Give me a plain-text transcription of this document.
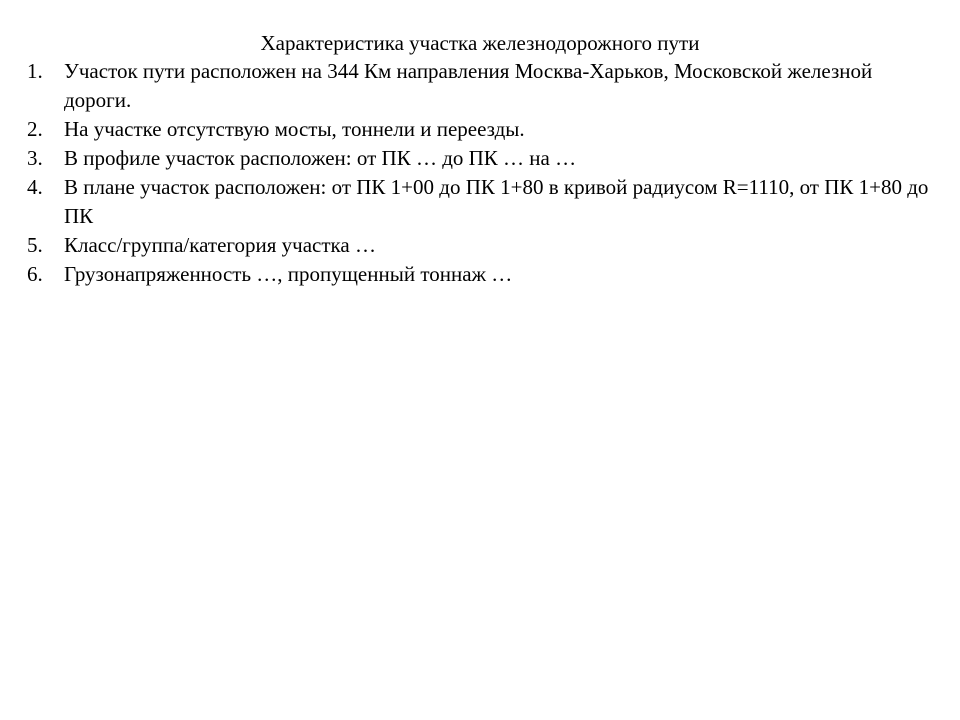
Характеристика участка железнодорожного пути
1. Участок пути расположен на 344 Км направления Москва-Харьков, Московской железной дороги.
2. На участке отсутствую мосты, тоннели и переезды.
3. В профиле участок расположен: от ПК … до ПК … на …
4. В плане участок расположен: от ПК 1+00 до ПК 1+80 в кривой радиусом R=1110, от ПК 1+80 до ПК
5. Класс/группа/категория участка …
6. Грузонапряженность …, пропущенный тоннаж …
